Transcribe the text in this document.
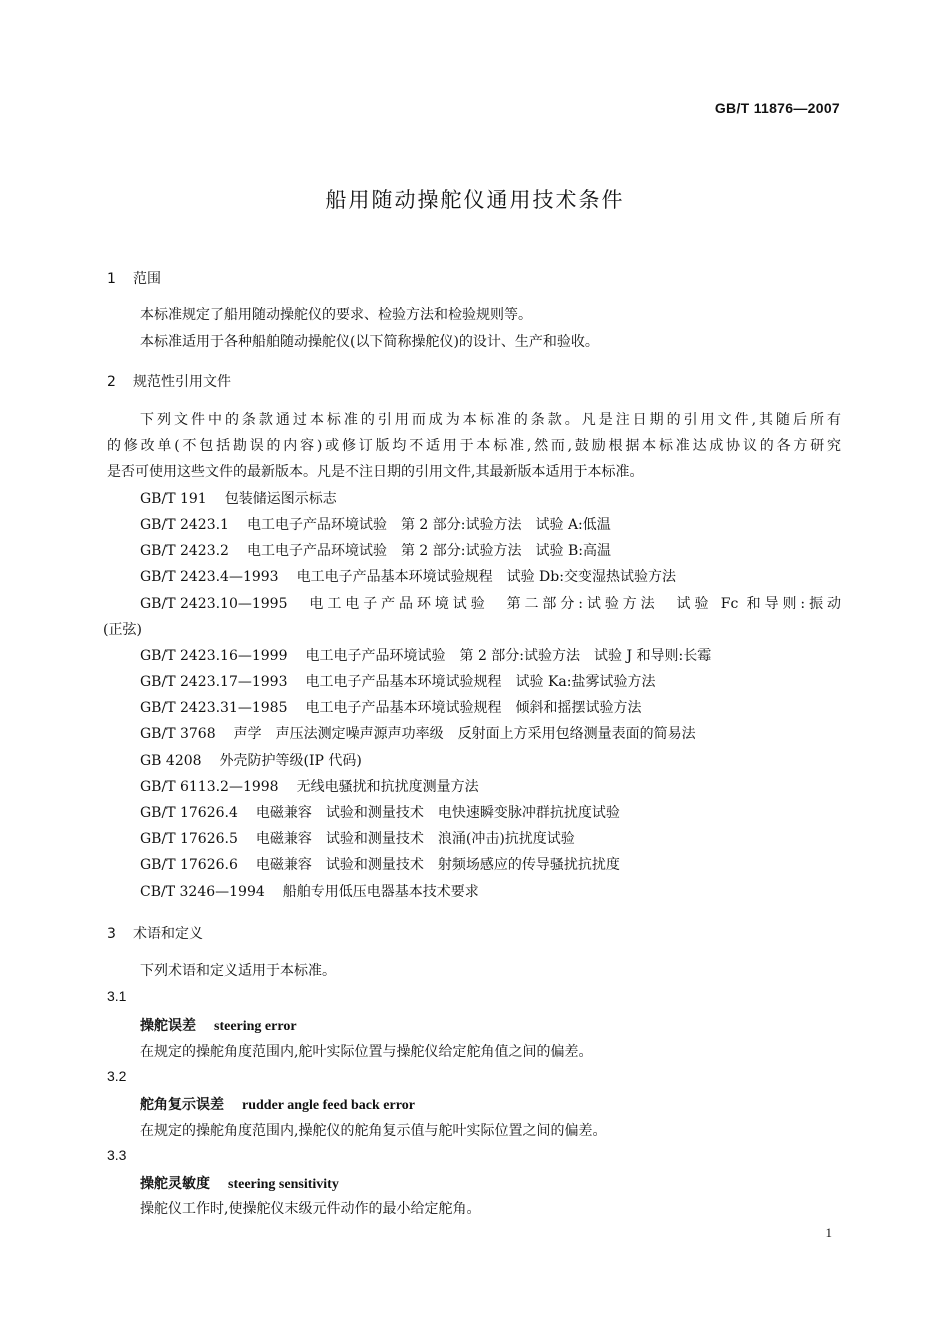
GB/T 11876—2007
船用随动操舵仪通用技术条件
1 范围
本标准规定了船用随动操舵仪的要求、检验方法和检验规则等。
本标准适用于各种船舶随动操舵仪(以下简称操舵仪)的设计、生产和验收。
2 规范性引用文件
下列文件中的条款通过本标准的引用而成为本标准的条款。凡是注日期的引用文件,其随后所有
的修改单(不包括勘误的内容)或修订版均不适用于本标准,然而,鼓励根据本标准达成协议的各方研究
是否可使用这些文件的最新版本。凡是不注日期的引用文件,其最新版本适用于本标准。
GB/T 191 包装储运图示标志
GB/T 2423.1 电工电子产品环境试验　第 2 部分:试验方法　试验 A:低温
GB/T 2423.2 电工电子产品环境试验　第 2 部分:试验方法　试验 B:高温
GB/T 2423.4—1993 电工电子产品基本环境试验规程　试验 Db:交变湿热试验方法
GB/T 2423.10—1995 电工电子产品环境试验　第二部分:试验方法　试验 Fc 和导则:振动
(正弦)
GB/T 2423.16—1999 电工电子产品环境试验　第 2 部分:试验方法　试验 J 和导则:长霉
GB/T 2423.17—1993 电工电子产品基本环境试验规程　试验 Ka:盐雾试验方法
GB/T 2423.31—1985 电工电子产品基本环境试验规程　倾斜和摇摆试验方法
GB/T 3768 声学　声压法测定噪声源声功率级　反射面上方采用包络测量表面的简易法
GB 4208 外壳防护等级(IP 代码)
GB/T 6113.2—1998 无线电骚扰和抗扰度测量方法
GB/T 17626.4 电磁兼容　试验和测量技术　电快速瞬变脉冲群抗扰度试验
GB/T 17626.5 电磁兼容　试验和测量技术　浪涌(冲击)抗扰度试验
GB/T 17626.6 电磁兼容　试验和测量技术　射频场感应的传导骚扰抗扰度
CB/T 3246—1994 船舶专用低压电器基本技术要求
3 术语和定义
下列术语和定义适用于本标准。
3.1
操舵误差 steering error
在规定的操舵角度范围内,舵叶实际位置与操舵仪给定舵角值之间的偏差。
3.2
舵角复示误差 rudder angle feed back error
在规定的操舵角度范围内,操舵仪的舵角复示值与舵叶实际位置之间的偏差。
3.3
操舵灵敏度 steering sensitivity
操舵仪工作时,使操舵仪末级元件动作的最小给定舵角。
1
